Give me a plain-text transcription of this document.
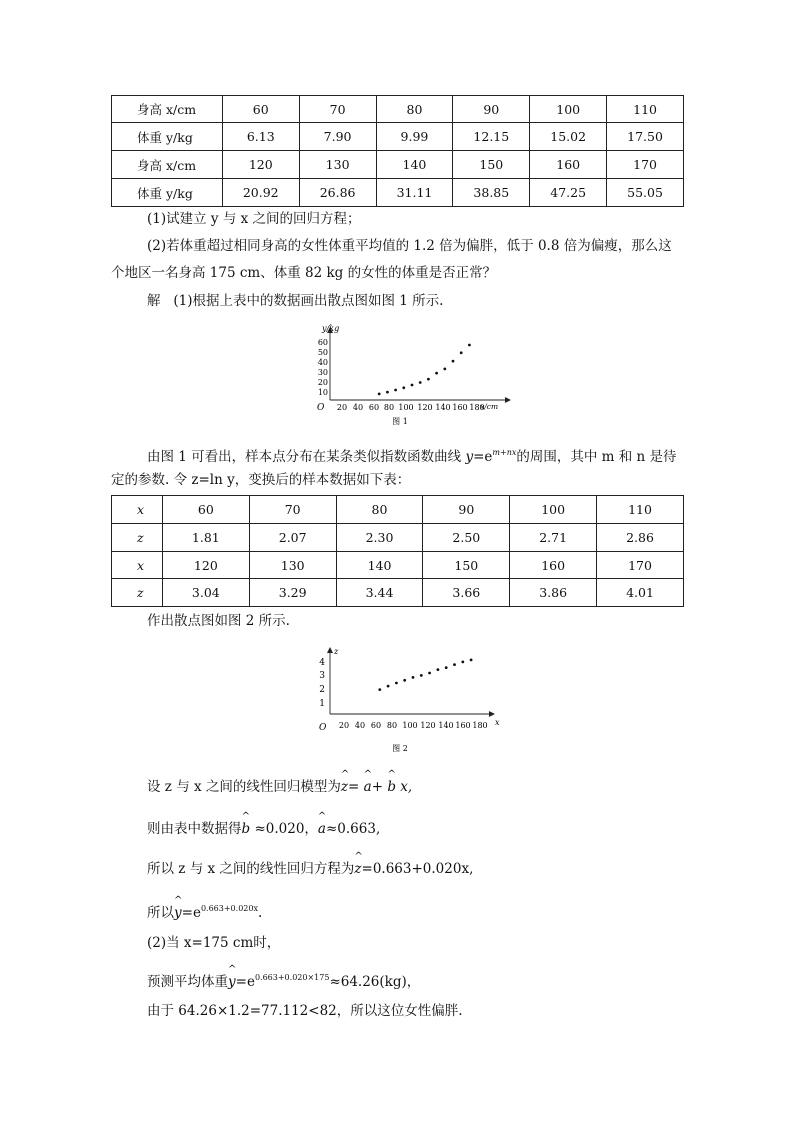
身高 x/cm	60	70	80	90	100	110
体重 y/kg	6.13	7.90	9.99	12.15	15.02	17.50
身高 x/cm	120	130	140	150	160	170
体重 y/kg	20.92	26.86	31.11	38.85	47.25	55.05
(1)试建立 y 与 x 之间的回归方程；
(2)若体重超过相同身高的女性体重平均值的 1.2 倍为偏胖，低于 0.8 倍为偏瘦，那么这
个地区一名身高 175 cm、体重 82 kg 的女性的体重是否正常？
解 (1)根据上表中的数据画出散点图如图 1 所示.
y/kg
x/cm
O
10
20
30
40
50
60
20 40 60 80 100 120 140 160 180
图 1
由图 1 可看出，样本点分布在某条类似指数函数曲线 $y=e^{m+nx}$的周围，其中 m 和 n 是待
定的参数. 令 z=ln y，变换后的样本数据如下表：
x	60	70	80	90	100	110
z	1.81	2.07	2.30	2.50	2.71	2.86
x	120	130	140	150	160	170
z	3.04	3.29	3.44	3.66	3.86	4.01
作出散点图如图 2 所示.
z
x
O
1
2
3
4
20 40 60 80 100 120 140 160 180
图 2
设 z 与 x 之间的线性回归模型为^ z= ^ a+ ^ b x,
则由表中数据得^ b ≈0.020，^ a≈0.663,
所以 z 与 x 之间的线性回归方程为^ z=0.663+0.020x,
所以^ $y=e^{0.663+0.020x}$.
(2)当 x=175 cm时，
预测平均体重^ $y=e^{0.663+0.020\times 175}\approx 64.26(kg)$，
由于 64.26×1.2=77.112<82，所以这位女性偏胖.
